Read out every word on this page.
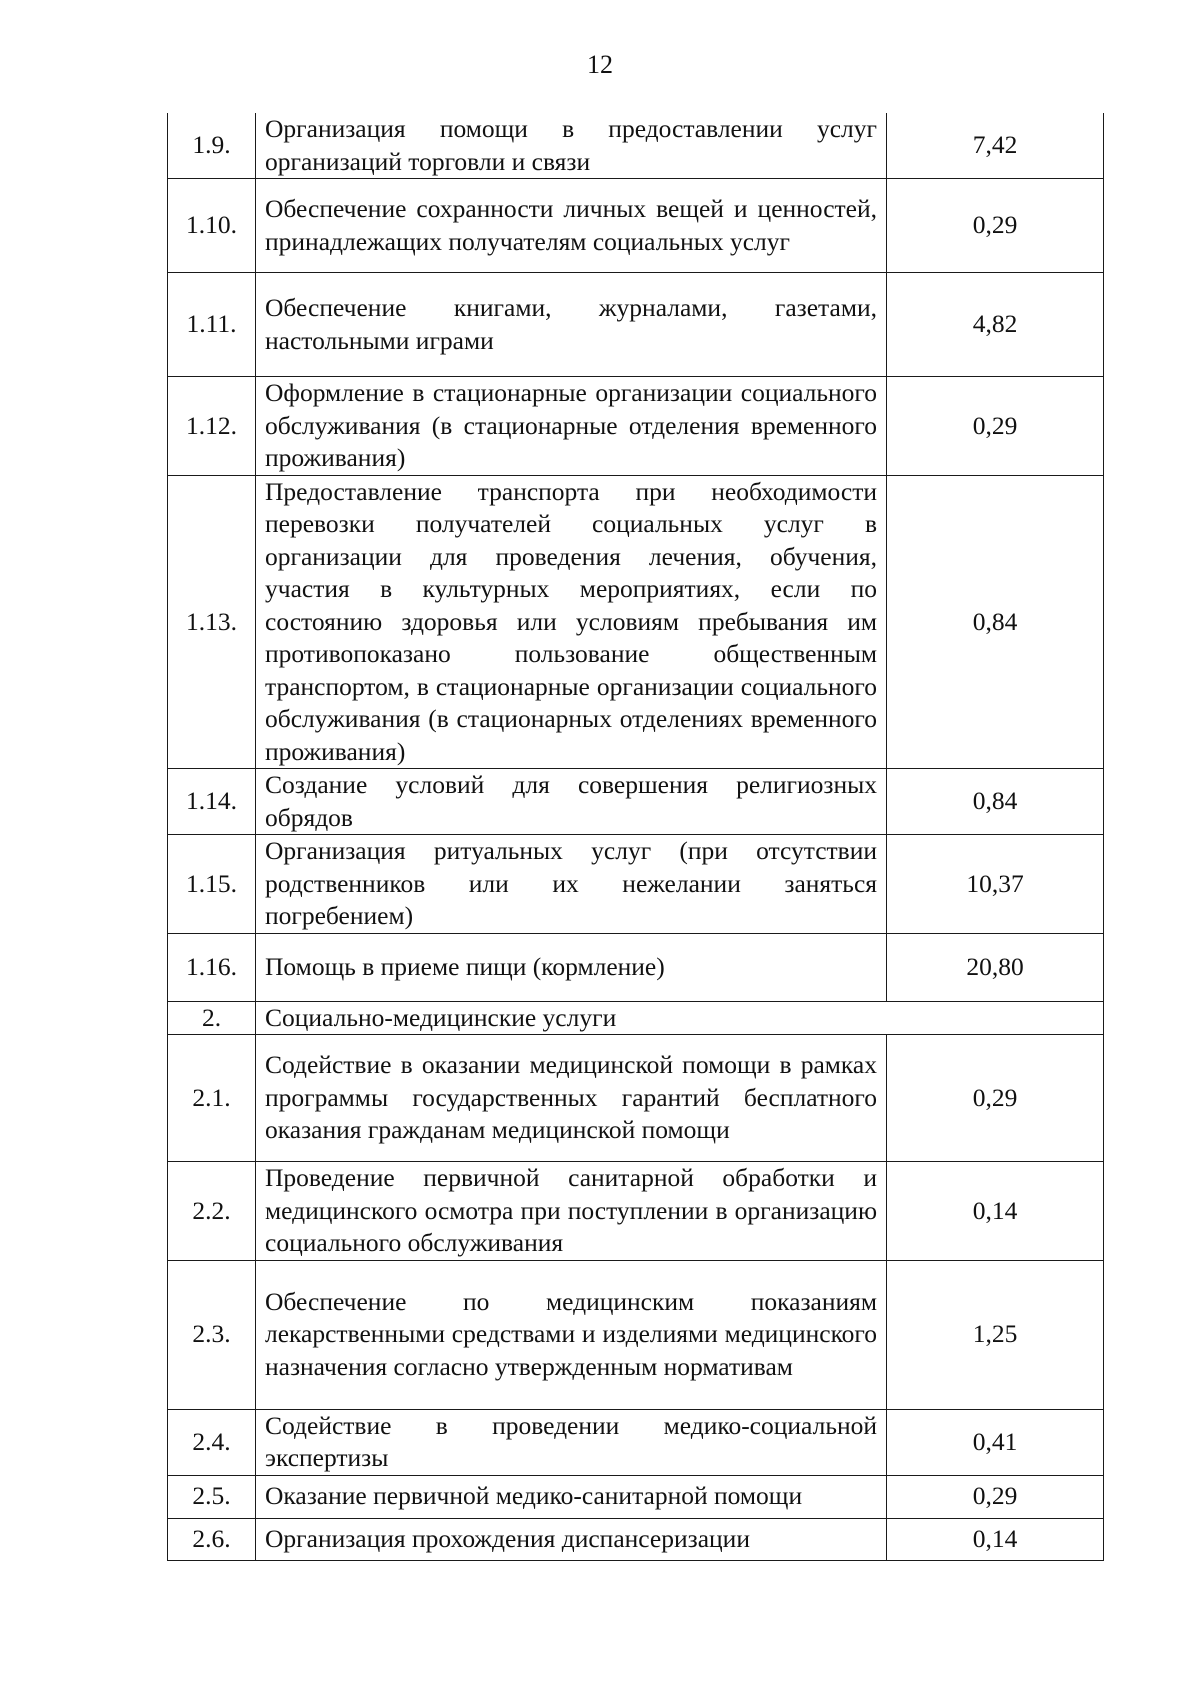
12
1.9.	Организация помощи в предоставлении услуг организаций торговли и связи	7,42
1.10.	Обеспечение сохранности личных вещей и ценностей, принадлежащих получателям социальных услуг	0,29
1.11.	Обеспечение книгами, журналами, газетами, настольными играми	4,82
1.12.	Оформление в стационарные организации социального обслуживания (в стационарные отделения временного проживания)	0,29
1.13.	Предоставление транспорта при необходимости перевозки получателей социальных услуг в организации для проведения лечения, обучения, участия в культурных мероприятиях, если по состоянию здоровья или условиям пребывания им противопоказано пользование общественным транспортом, в стационарные организации социального обслуживания (в стационарных отделениях временного проживания)	0,84
1.14.	Создание условий для совершения религиозных обрядов	0,84
1.15.	Организация ритуальных услуг (при отсутствии родственников или их нежелании заняться погребением)	10,37
1.16.	Помощь в приеме пищи (кормление)	20,80
2.	Социально-медицинские услуги	
2.1.	Содействие в оказании медицинской помощи в рамках программы государственных гарантий бесплатного оказания гражданам медицинской помощи	0,29
2.2.	Проведение первичной санитарной обработки и медицинского осмотра при поступлении в организацию социального обслуживания	0,14
2.3.	Обеспечение по медицинским показаниям лекарственными средствами и изделиями медицинского назначения согласно утвержденным нормативам	1,25
2.4.	Содействие в проведении медико-социальной экспертизы	0,41
2.5.	Оказание первичной медико-санитарной помощи	0,29
2.6.	Организация прохождения диспансеризации	0,14
